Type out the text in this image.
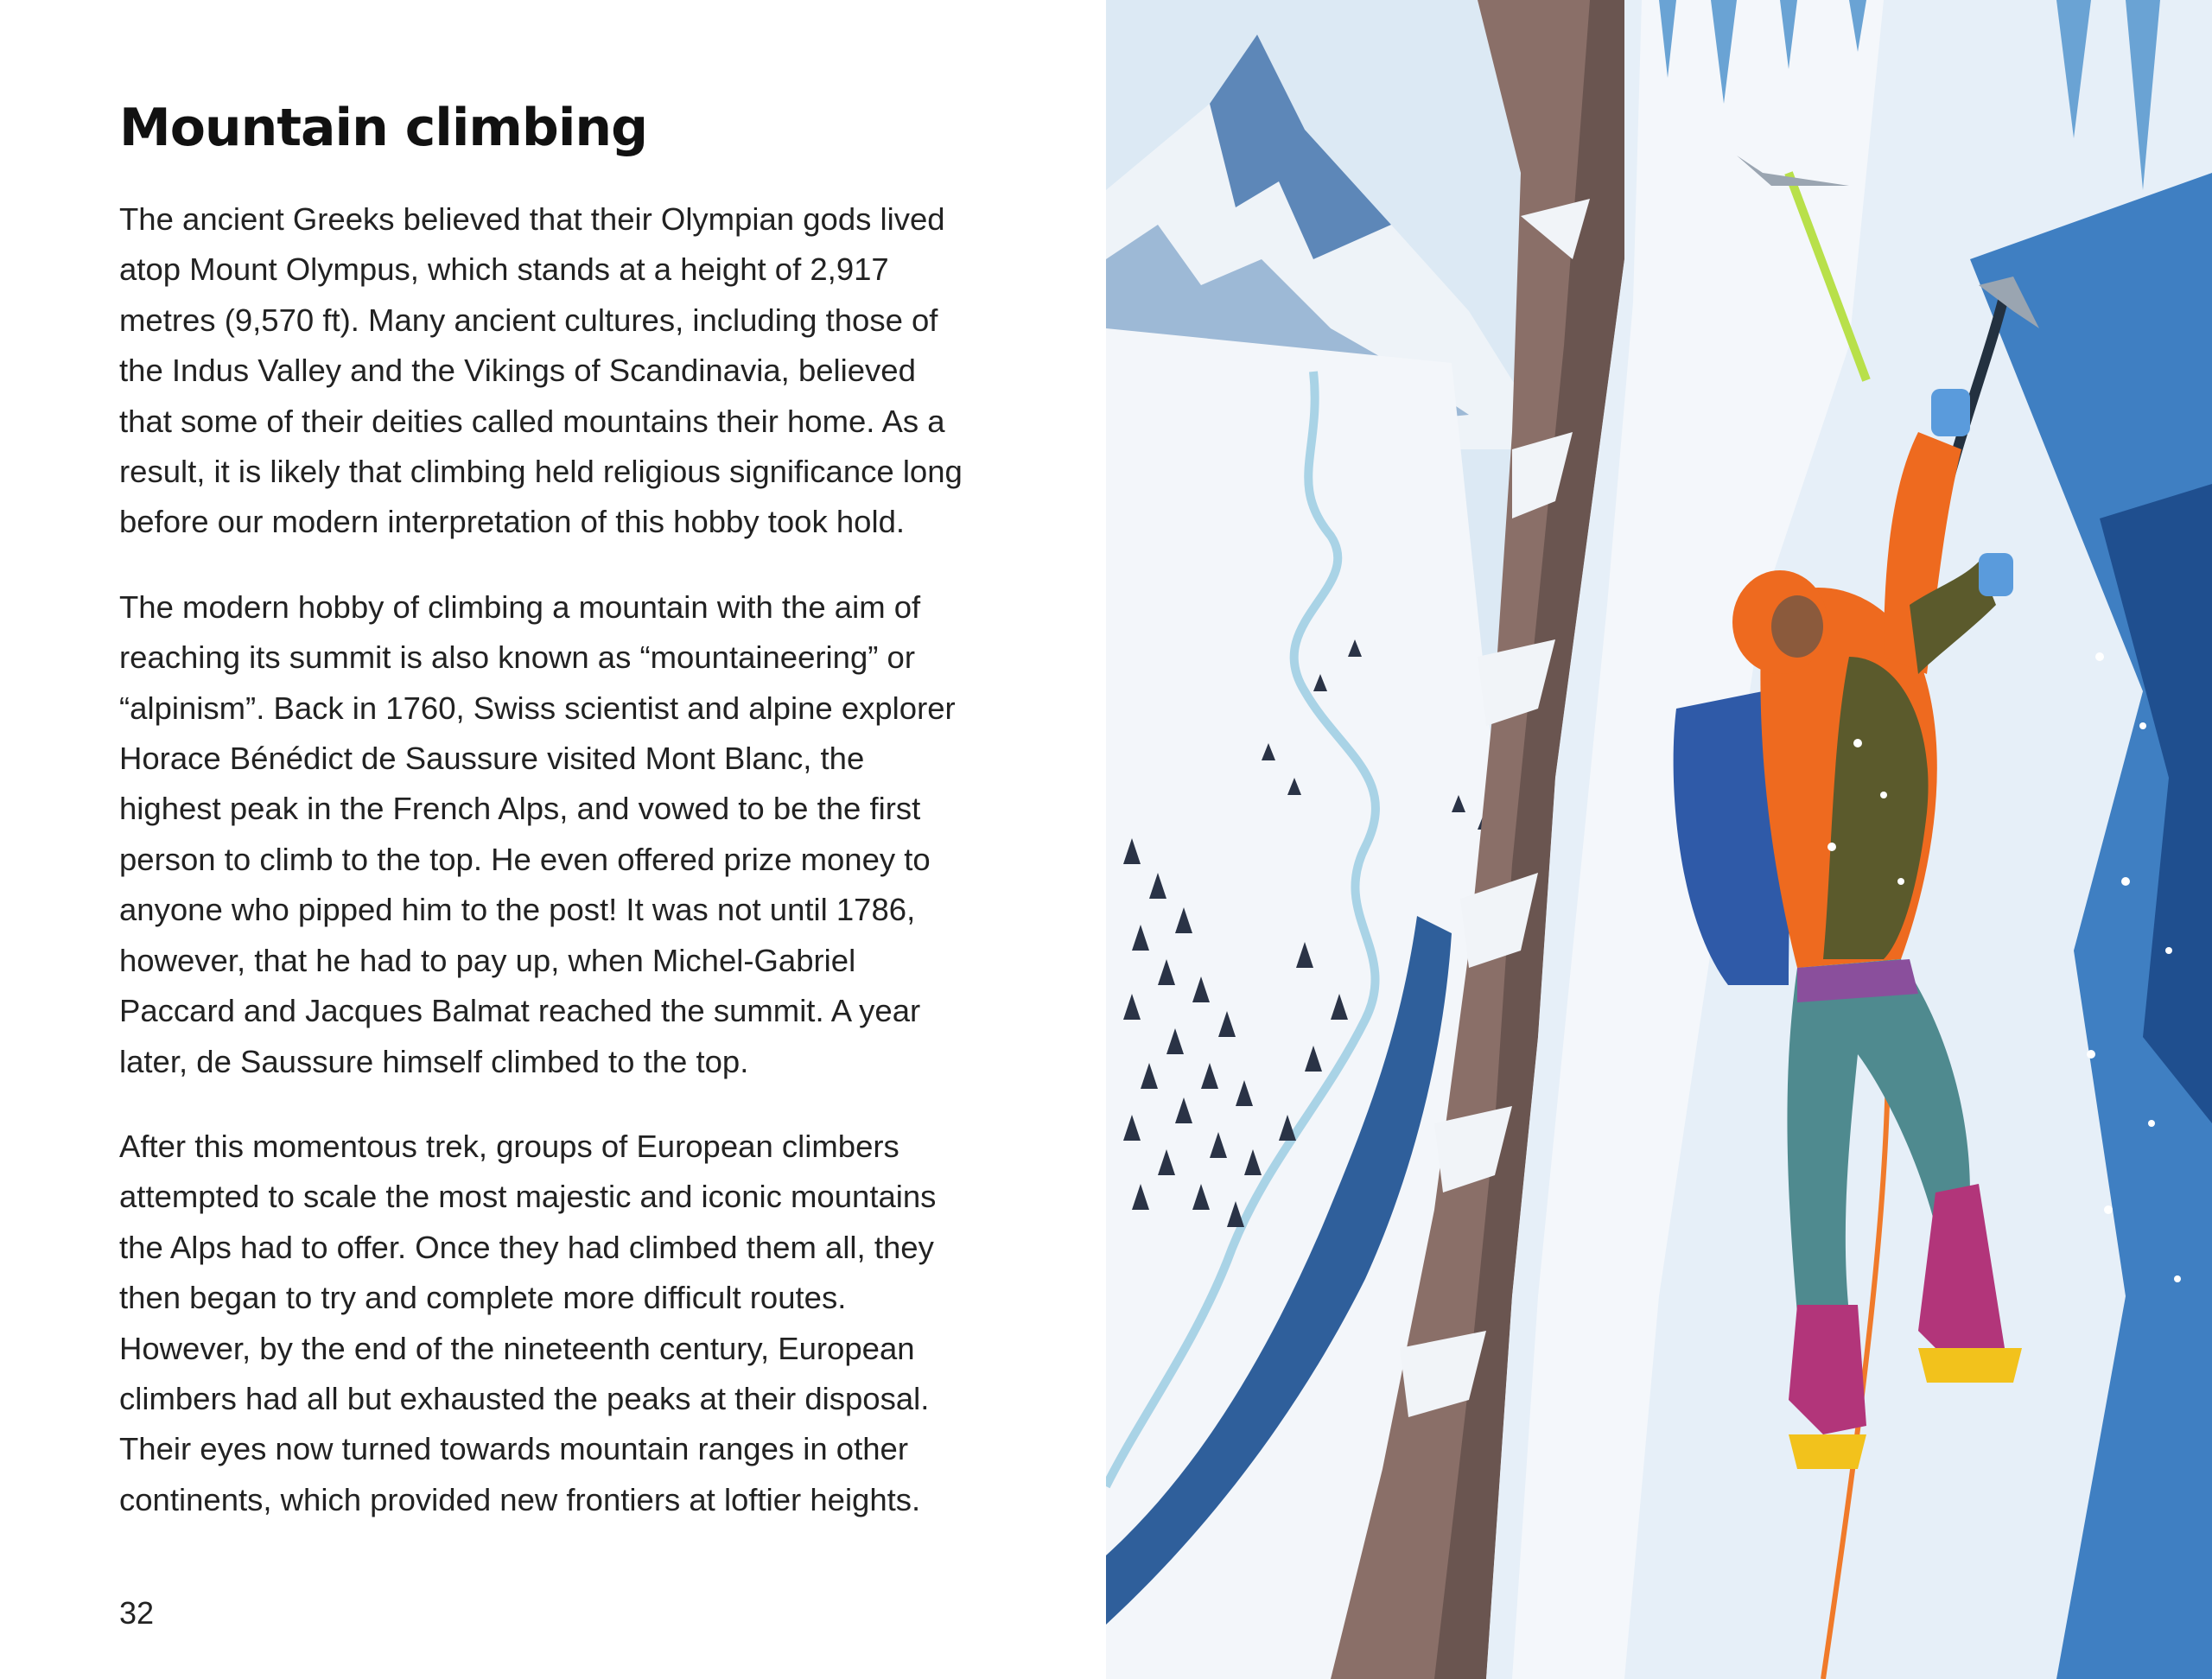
Mountain climbing

The ancient Greeks believed that their Olympian gods lived
atop Mount Olympus, which stands at a height of 2,917
metres (9,570 ft). Many ancient cultures, including those of
the Indus Valley and the Vikings of Scandinavia, believed
that some of their deities called mountains their home. As a
result, it is likely that climbing held religious significance long
before our modern interpretation of this hobby took hold.

The modern hobby of climbing a mountain with the aim of
reaching its summit is also known as “mountaineering” or
“alpinism”. Back in 1760, Swiss scientist and alpine explorer
Horace Bénédict de Saussure visited Mont Blanc, the
highest peak in the French Alps, and vowed to be the first
person to climb to the top. He even offered prize money to
anyone who pipped him to the post! It was not until 1786,
however, that he had to pay up, when Michel-Gabriel
Paccard and Jacques Balmat reached the summit. A year
later, de Saussure himself climbed to the top.

After this momentous trek, groups of European climbers
attempted to scale the most majestic and iconic mountains
the Alps had to offer. Once they had climbed them all, they
then began to try and complete more difficult routes.
However, by the end of the nineteenth century, European
climbers had all but exhausted the peaks at their disposal.
Their eyes now turned towards mountain ranges in other
continents, which provided new frontiers at loftier heights.

32
